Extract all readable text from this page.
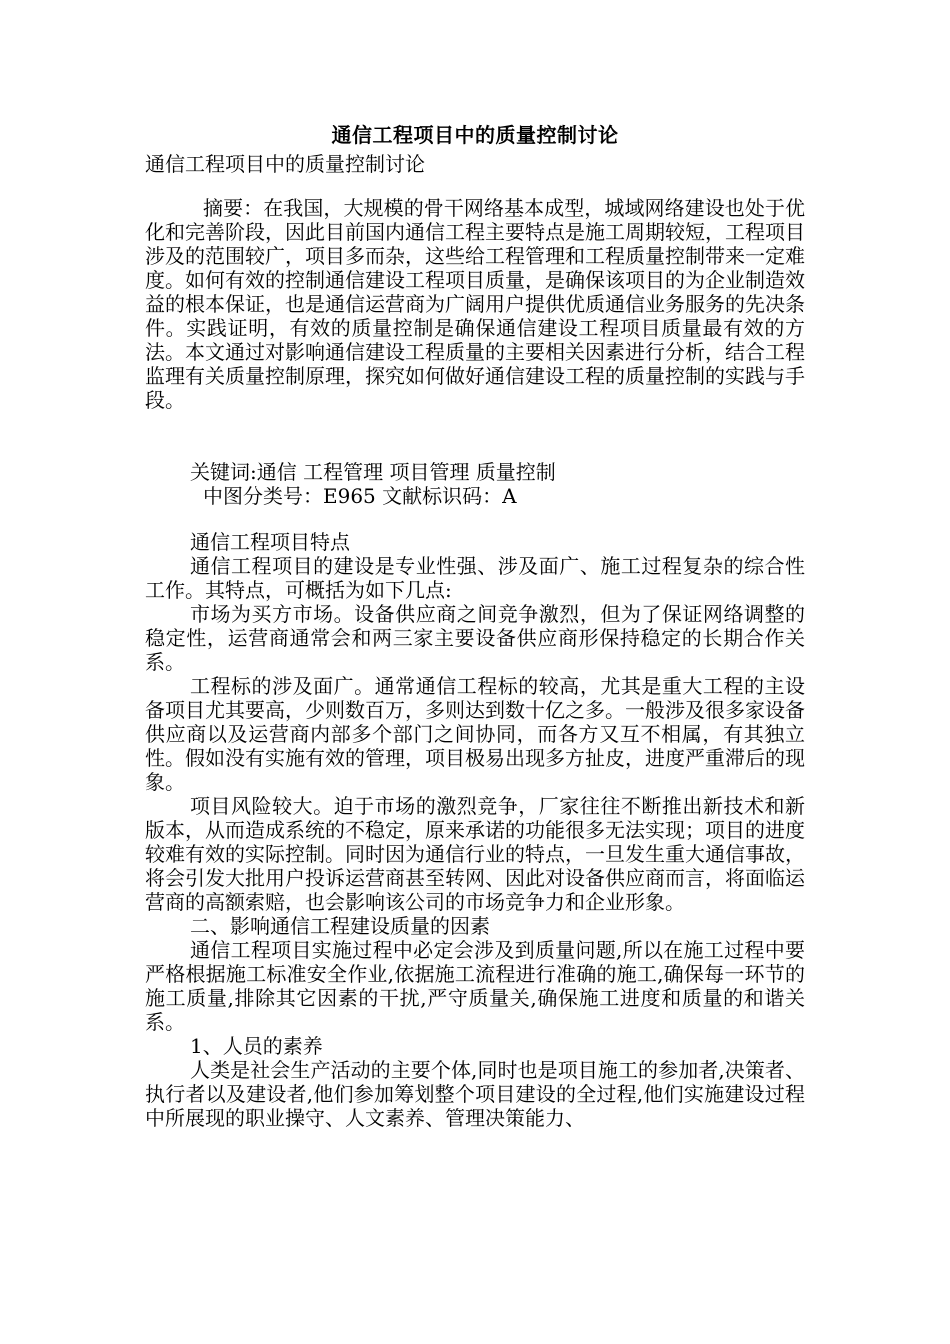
通信工程项目中的质量控制讨论
通信工程项目中的质量控制讨论

摘要：在我国，大规模的骨干网络基本成型，城域网络建设也处于优化和完善阶段，因此目前国内通信工程主要特点是施工周期较短，工程项目涉及的范围较广，项目多而杂，这些给工程管理和工程质量控制带来一定难度。如何有效的控制通信建设工程项目质量，是确保该项目的为企业制造效益的根本保证，也是通信运营商为广阔用户提供优质通信业务服务的先决条件。实践证明，有效的质量控制是确保通信建设工程项目质量最有效的方法。本文通过对影响通信建设工程质量的主要相关因素进行分析，结合工程监理有关质量控制原理，探究如何做好通信建设工程的质量控制的实践与手段。

关键词:通信 工程管理 项目管理 质量控制

中图分类号：E965 文献标识码：A

通信工程项目特点

通信工程项目的建设是专业性强、涉及面广、施工过程复杂的综合性工作。其特点，可概括为如下几点:

市场为买方市场。设备供应商之间竞争激烈，但为了保证网络调整的稳定性，运营商通常会和两三家主要设备供应商形保持稳定的长期合作关系。

工程标的涉及面广。通常通信工程标的较高，尤其是重大工程的主设备项目尤其要高，少则数百万，多则达到数十亿之多。一般涉及很多家设备供应商以及运营商内部多个部门之间协同，而各方又互不相属，有其独立性。假如没有实施有效的管理，项目极易出现多方扯皮，进度严重滞后的现象。

项目风险较大。迫于市场的激烈竞争，厂家往往不断推出新技术和新版本，从而造成系统的不稳定，原来承诺的功能很多无法实现；项目的进度较难有效的实际控制。同时因为通信行业的特点，一旦发生重大通信事故，将会引发大批用户投诉运营商甚至转网、因此对设备供应商而言，将面临运营商的高额索赔，也会影响该公司的市场竞争力和企业形象。

二、影响通信工程建设质量的因素

通信工程项目实施过程中必定会涉及到质量问题,所以在施工过程中要严格根据施工标准安全作业,依据施工流程进行准确的施工,确保每一环节的施工质量,排除其它因素的干扰,严守质量关,确保施工进度和质量的和谐关系。

1、人员的素养

人类是社会生产活动的主要个体,同时也是项目施工的参加者,决策者、执行者以及建设者,他们参加筹划整个项目建设的全过程,他们实施建设过程中所展现的职业操守、人文素养、管理决策能力、
